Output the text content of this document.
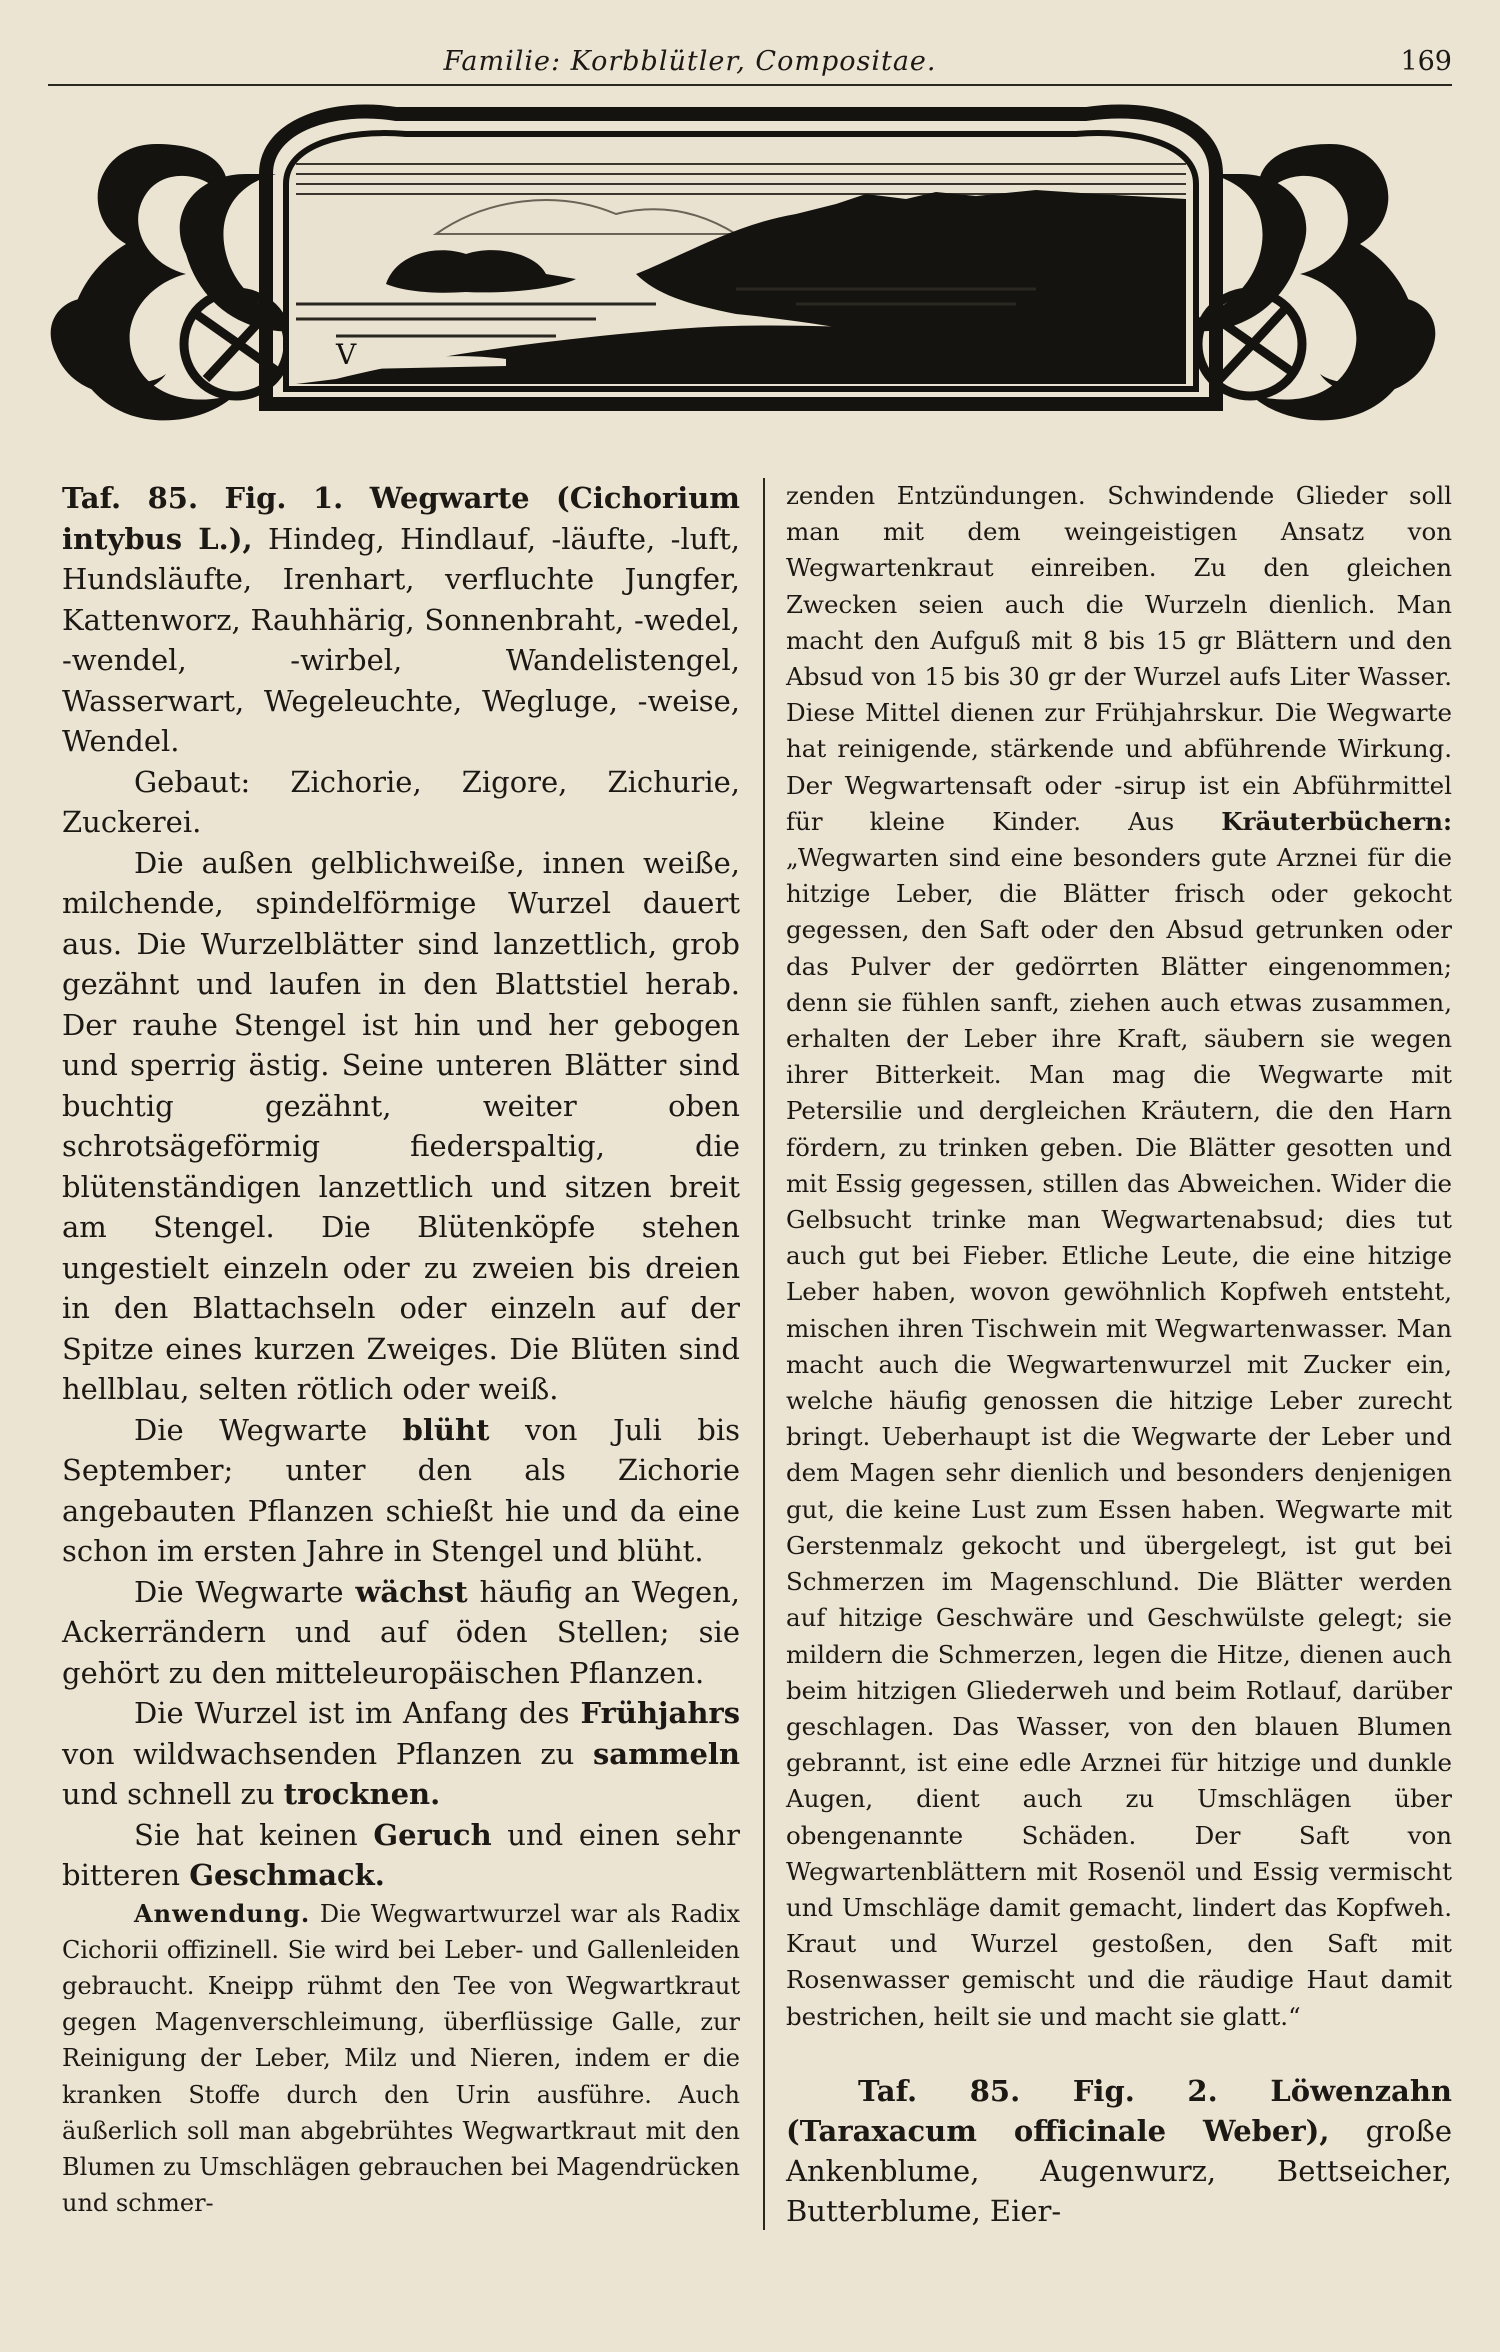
Familie: Korbblütler, Compositae.	169
V

Taf. 85. Fig. 1. Wegwarte (Cichorium intybus L.), Hindeg, Hindlauf, -läufte, -luft, Hundsläufte, Irenhart, verfluchte Jungfer, Kattenworz, Rauhhärig, Sonnenbraht, -wedel, -wendel, -wirbel, Wandelistengel, Wasserwart, Wegeleuchte, Wegluge, -weise, Wendel.

Gebaut: Zichorie, Zigore, Zichurie, Zuckerei.

Die außen gelblichweiße, innen weiße, milchende, spindelförmige Wurzel dauert aus. Die Wurzelblätter sind lanzettlich, grob gezähnt und laufen in den Blattstiel herab. Der rauhe Stengel ist hin und her gebogen und sperrig ästig. Seine unteren Blätter sind buchtig gezähnt, weiter oben schrotsägeförmig fiederspaltig, die blütenständigen lanzettlich und sitzen breit am Stengel. Die Blütenköpfe stehen ungestielt einzeln oder zu zweien bis dreien in den Blattachseln oder einzeln auf der Spitze eines kurzen Zweiges. Die Blüten sind hellblau, selten rötlich oder weiß.

Die Wegwarte blüht von Juli bis September; unter den als Zichorie angebauten Pflanzen schießt hie und da eine schon im ersten Jahre in Stengel und blüht.

Die Wegwarte wächst häufig an Wegen, Ackerrändern und auf öden Stellen; sie gehört zu den mitteleuropäischen Pflanzen.

Die Wurzel ist im Anfang des Frühjahrs von wildwachsenden Pflanzen zu sammeln und schnell zu trocknen.

Sie hat keinen Geruch und einen sehr bitteren Geschmack.

Anwendung. Die Wegwartwurzel war als Radix Cichorii offizinell. Sie wird bei Leber- und Gallenleiden gebraucht. Kneipp rühmt den Tee von Wegwartkraut gegen Magenverschleimung, überflüssige Galle, zur Reinigung der Leber, Milz und Nieren, indem er die kranken Stoffe durch den Urin ausführe. Auch äußerlich soll man abgebrühtes Wegwartkraut mit den Blumen zu Umschlägen gebrauchen bei Magendrücken und schmer-

zenden Entzündungen. Schwindende Glieder soll man mit dem weingeistigen Ansatz von Wegwartenkraut einreiben. Zu den gleichen Zwecken seien auch die Wurzeln dienlich. Man macht den Aufguß mit 8 bis 15 gr Blättern und den Absud von 15 bis 30 gr der Wurzel aufs Liter Wasser. Diese Mittel dienen zur Frühjahrskur. Die Wegwarte hat reinigende, stärkende und abführende Wirkung. Der Wegwartensaft oder -sirup ist ein Abführmittel für kleine Kinder. Aus Kräuterbüchern: „Wegwarten sind eine besonders gute Arznei für die hitzige Leber, die Blätter frisch oder gekocht gegessen, den Saft oder den Absud getrunken oder das Pulver der gedörrten Blätter eingenommen; denn sie fühlen sanft, ziehen auch etwas zusammen, erhalten der Leber ihre Kraft, säubern sie wegen ihrer Bitterkeit. Man mag die Wegwarte mit Petersilie und dergleichen Kräutern, die den Harn fördern, zu trinken geben. Die Blätter gesotten und mit Essig gegessen, stillen das Abweichen. Wider die Gelbsucht trinke man Wegwartenabsud; dies tut auch gut bei Fieber. Etliche Leute, die eine hitzige Leber haben, wovon gewöhnlich Kopfweh entsteht, mischen ihren Tischwein mit Wegwartenwasser. Man macht auch die Wegwartenwurzel mit Zucker ein, welche häufig genossen die hitzige Leber zurecht bringt. Ueberhaupt ist die Wegwarte der Leber und dem Magen sehr dienlich und besonders denjenigen gut, die keine Lust zum Essen haben. Wegwarte mit Gerstenmalz gekocht und übergelegt, ist gut bei Schmerzen im Magenschlund. Die Blätter werden auf hitzige Geschwäre und Geschwülste gelegt; sie mildern die Schmerzen, legen die Hitze, dienen auch beim hitzigen Gliederweh und beim Rotlauf, darüber geschlagen. Das Wasser, von den blauen Blumen gebrannt, ist eine edle Arznei für hitzige und dunkle Augen, dient auch zu Umschlägen über obengenannte Schäden. Der Saft von Wegwartenblättern mit Rosenöl und Essig vermischt und Umschläge damit gemacht, lindert das Kopfweh. Kraut und Wurzel gestoßen, den Saft mit Rosenwasser gemischt und die räudige Haut damit bestrichen, heilt sie und macht sie glatt.“

Taf. 85. Fig. 2. Löwenzahn (Taraxacum officinale Weber), große Ankenblume, Augenwurz, Bettseicher, Butterblume, Eier-
